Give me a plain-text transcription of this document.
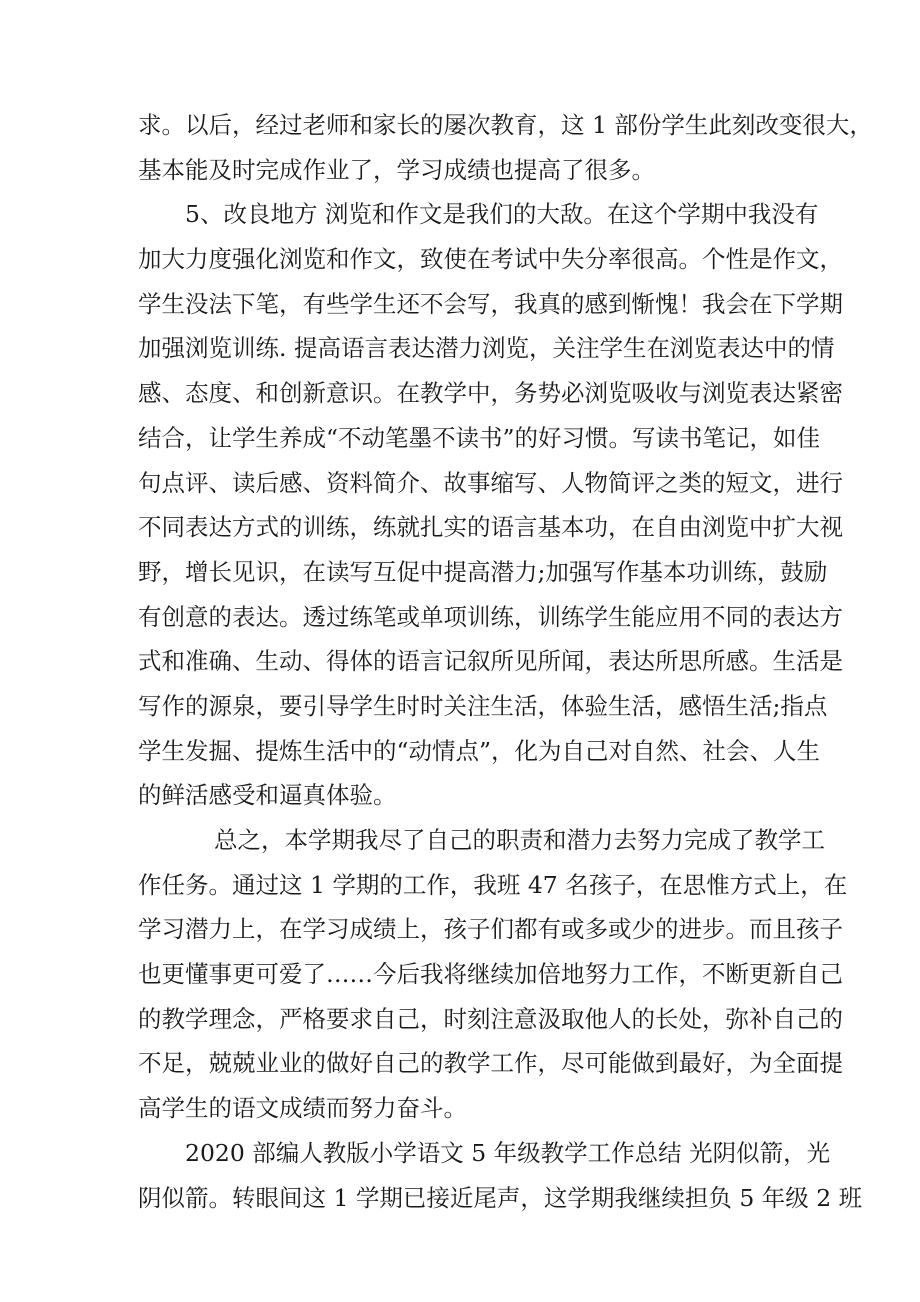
求。以后，经过老师和家长的屡次教育，这 1 部份学生此刻改变很大，
基本能及时完成作业了，学习成绩也提高了很多。
5、改良地方 浏览和作文是我们的大敌。在这个学期中我没有
加大力度强化浏览和作文，致使在考试中失分率很高。个性是作文，
学生没法下笔，有些学生还不会写，我真的感到惭愧！我会在下学期
加强浏览训练. 提高语言表达潜力浏览，关注学生在浏览表达中的情
感、态度、和创新意识。在教学中，务势必浏览吸收与浏览表达紧密
结合，让学生养成“不动笔墨不读书”的好习惯。写读书笔记，如佳
句点评、读后感、资料简介、故事缩写、人物简评之类的短文，进行
不同表达方式的训练，练就扎实的语言基本功，在自由浏览中扩大视
野，增长见识，在读写互促中提高潜力;加强写作基本功训练，鼓励
有创意的表达。透过练笔或单项训练，训练学生能应用不同的表达方
式和准确、生动、得体的语言记叙所见所闻，表达所思所感。生活是
写作的源泉，要引导学生时时关注生活，体验生活，感悟生活;指点
学生发掘、提炼生活中的“动情点”，化为自己对自然、社会、人生
的鲜活感受和逼真体验。
总之，本学期我尽了自己的职责和潜力去努力完成了教学工
作任务。通过这 1 学期的工作，我班 47 名孩子，在思惟方式上，在
学习潜力上，在学习成绩上，孩子们都有或多或少的进步。而且孩子
也更懂事更可爱了……今后我将继续加倍地努力工作，不断更新自己
的教学理念，严格要求自己，时刻注意汲取他人的长处，弥补自己的
不足，兢兢业业的做好自己的教学工作，尽可能做到最好，为全面提
高学生的语文成绩而努力奋斗。
2020 部编人教版小学语文 5 年级教学工作总结 光阴似箭，光
阴似箭。转眼间这 1 学期已接近尾声，这学期我继续担负 5 年级 2 班
